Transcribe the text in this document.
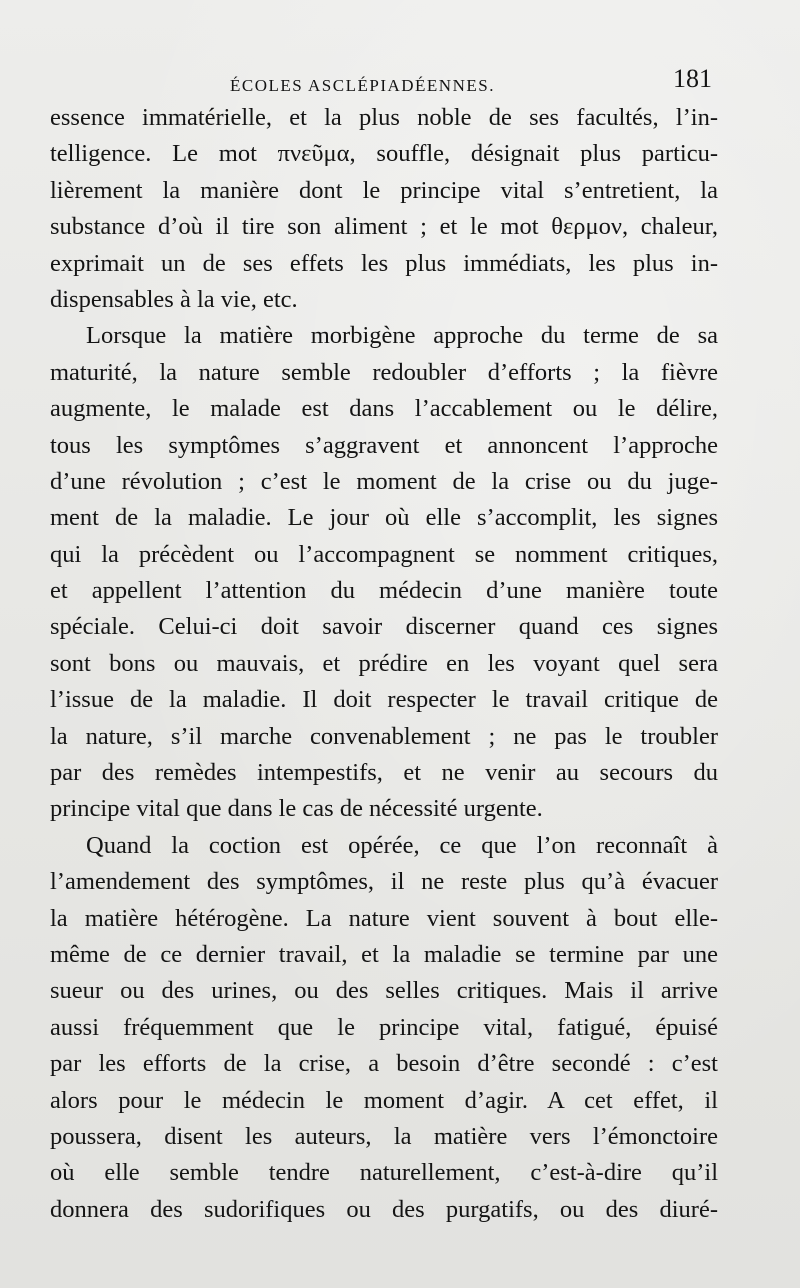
ÉCOLES ASCLÉPIADÉENNES.	181
essence immatérielle, et la plus noble de ses facultés, l’in-
telligence. Le mot πνεῦμα, souffle, désignait plus particu-
lièrement la manière dont le principe vital s’entretient, la
substance d’où il tire son aliment ; et le mot θερμον, chaleur,
exprimait un de ses effets les plus immédiats, les plus in-
dispensables à la vie, etc.
Lorsque la matière morbigène approche du terme de sa
maturité, la nature semble redoubler d’efforts ; la fièvre
augmente, le malade est dans l’accablement ou le délire,
tous les symptômes s’aggravent et annoncent l’approche
d’une révolution ; c’est le moment de la crise ou du juge-
ment de la maladie. Le jour où elle s’accomplit, les signes
qui la précèdent ou l’accompagnent se nomment critiques,
et appellent l’attention du médecin d’une manière toute
spéciale. Celui-ci doit savoir discerner quand ces signes
sont bons ou mauvais, et prédire en les voyant quel sera
l’issue de la maladie. Il doit respecter le travail critique de
la nature, s’il marche convenablement ; ne pas le troubler
par des remèdes intempestifs, et ne venir au secours du
principe vital que dans le cas de nécessité urgente.
Quand la coction est opérée, ce que l’on reconnaît à
l’amendement des symptômes, il ne reste plus qu’à évacuer
la matière hétérogène. La nature vient souvent à bout elle-
même de ce dernier travail, et la maladie se termine par une
sueur ou des urines, ou des selles critiques. Mais il arrive
aussi fréquemment que le principe vital, fatigué, épuisé
par les efforts de la crise, a besoin d’être secondé : c’est
alors pour le médecin le moment d’agir. A cet effet, il
poussera, disent les auteurs, la matière vers l’émonctoire
où elle semble tendre naturellement, c’est-à-dire qu’il
donnera des sudorifiques ou des purgatifs, ou des diuré-
